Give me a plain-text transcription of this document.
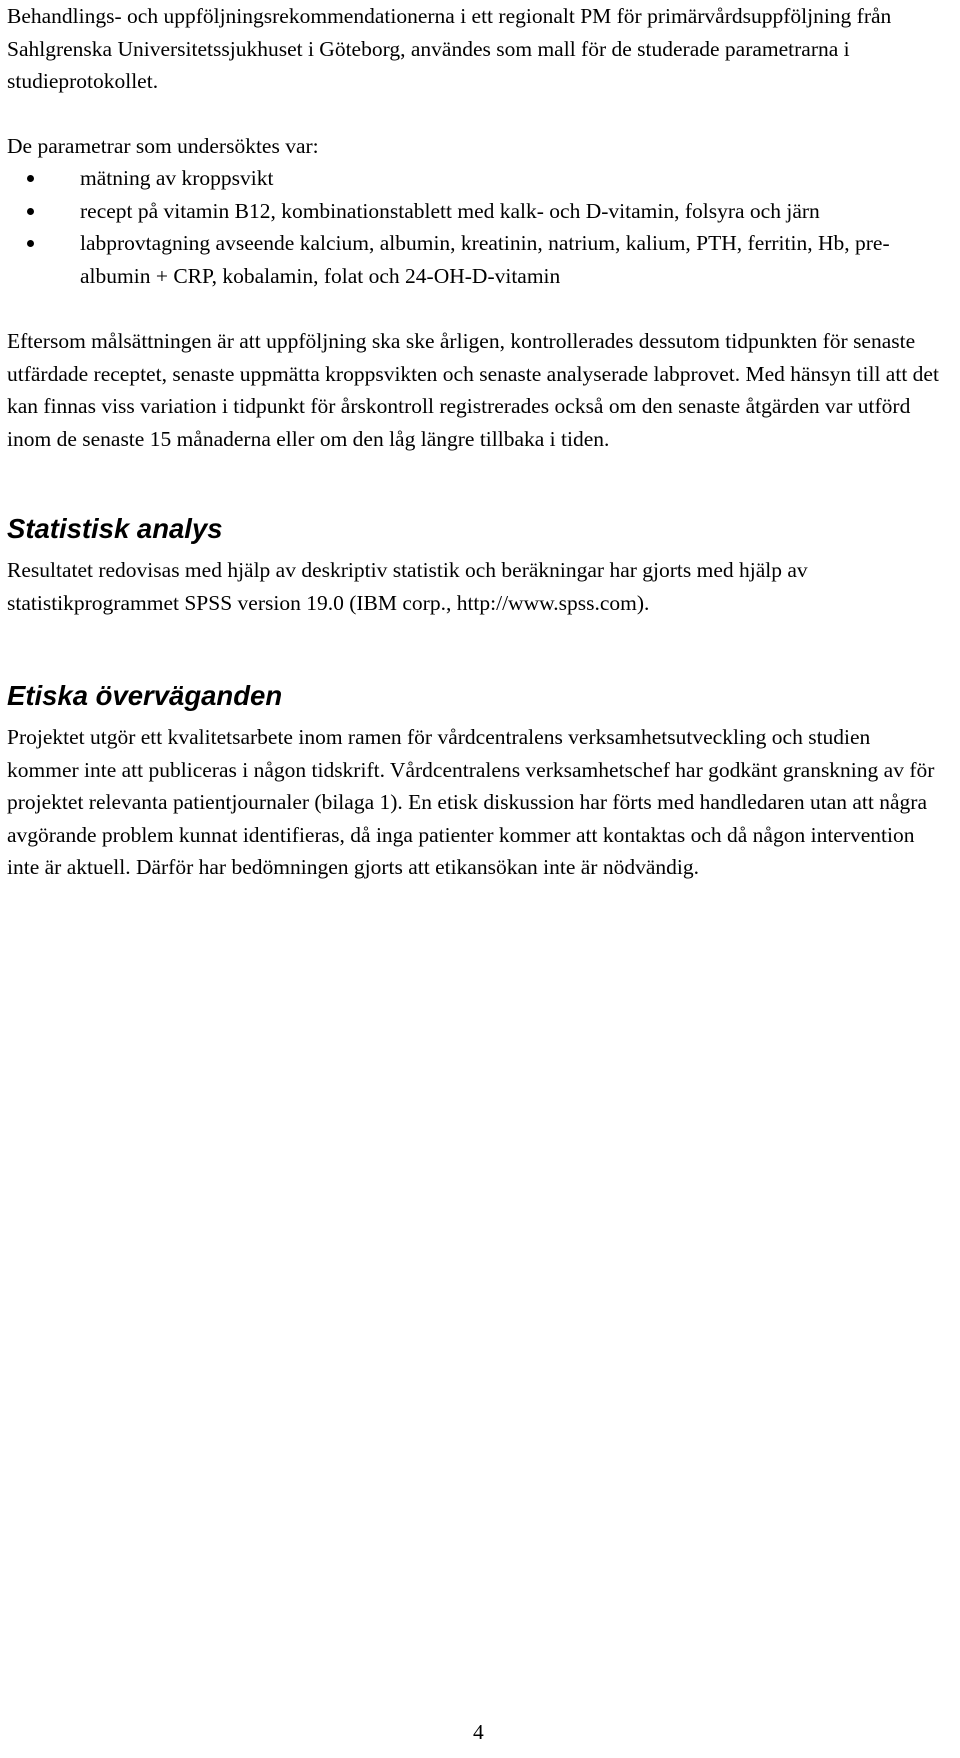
Behandlings- och uppföljningsrekommendationerna i ett regionalt PM för primärvårdsuppföljning från Sahlgrenska Universitetssjukhuset i Göteborg, användes som mall för de studerade parametrarna i studieprotokollet.

De parametrar som undersöktes var:

mätning av kroppsvikt
recept på vitamin B12, kombinationstablett med kalk- och D-vitamin, folsyra och järn
labprovtagning avseende kalcium, albumin, kreatinin, natrium, kalium, PTH, ferritin, Hb, pre-albumin + CRP, kobalamin, folat och 24-OH-D-vitamin

Eftersom målsättningen är att uppföljning ska ske årligen, kontrollerades dessutom tidpunkten för senaste utfärdade receptet, senaste uppmätta kroppsvikten och senaste analyserade labprovet. Med hänsyn till att det kan finnas viss variation i tidpunkt för årskontroll registrerades också om den senaste åtgärden var utförd inom de senaste 15 månaderna eller om den låg längre tillbaka i tiden.

Statistisk analys

Resultatet redovisas med hjälp av deskriptiv statistik och beräkningar har gjorts med hjälp av statistikprogrammet SPSS version 19.0 (IBM corp., http://www.spss.com).

Etiska överväganden

Projektet utgör ett kvalitetsarbete inom ramen för vårdcentralens verksamhetsutveckling och studien kommer inte att publiceras i någon tidskrift. Vårdcentralens verksamhetschef har godkänt granskning av för projektet relevanta patientjournaler (bilaga 1). En etisk diskussion har förts med handledaren utan att några avgörande problem kunnat identifieras, då inga patienter kommer att kontaktas och då någon intervention inte är aktuell. Därför har bedömningen gjorts att etikansökan inte är nödvändig.

4
